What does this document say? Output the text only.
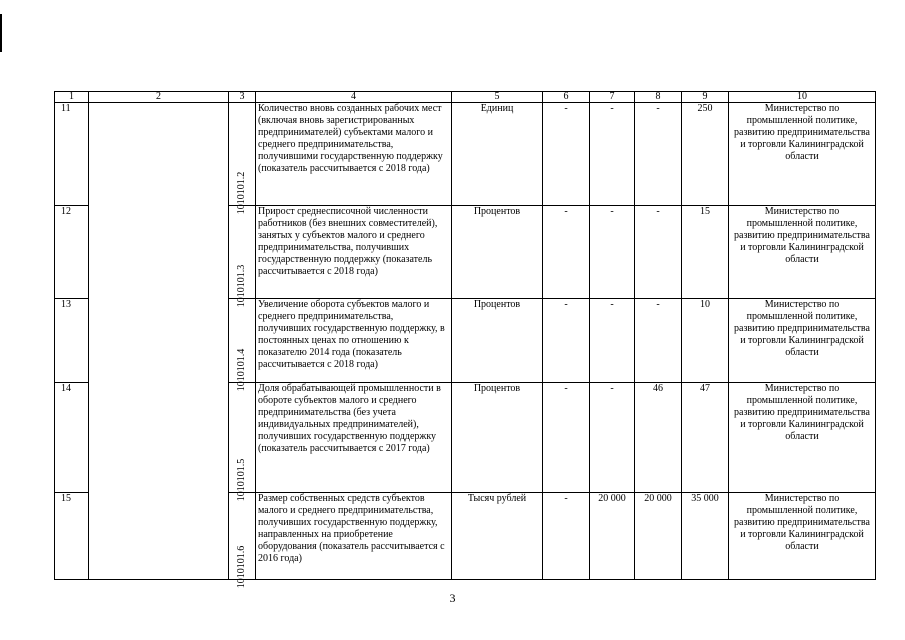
1	2	3	4	5	6	7	8	9	10
11		1010101.2	Количество вновь созданных рабочих мест (включая вновь зарегистрированных предпринимателей) субъектами малого и среднего предпринимательства, получившими государственную поддержку (показатель рассчитывается с 2018 года)	Единиц	-	-	-	250	Министерство по промышленной политике, развитию предпринимательства и торговли Калининградской области
12		1010101.3	Прирост среднесписочной численности работников (без внешних совместителей), занятых у субъектов малого и среднего предпринимательства, получивших государственную поддержку (показатель рассчитывается с 2018 года)	Процентов	-	-	-	15	Министерство по промышленной политике, развитию предпринимательства и торговли Калининградской области
13		1010101.4	Увеличение оборота субъектов малого и среднего предпринимательства, получивших государственную поддержку, в постоянных ценах по отношению к показателю 2014 года (показатель рассчитывается с 2018 года)	Процентов	-	-	-	10	Министерство по промышленной политике, развитию предпринимательства и торговли Калининградской области
14		1010101.5	Доля обрабатывающей промышленности в обороте субъектов малого и среднего предпринимательства (без учета индивидуальных предпринимателей), получивших государственную поддержку (показатель рассчитывается с 2017 года)	Процентов	-	-	46	47	Министерство по промышленной политике, развитию предпринимательства и торговли Калининградской области
15		1010101.6	Размер собственных средств субъектов малого и среднего предпринимательства, получивших государственную поддержку, направленных на приобретение оборудования (показатель рассчитывается с 2016 года)	Тысяч рублей	-	20 000	20 000	35 000	Министерство по промышленной политике, развитию предпринимательства и торговли Калининградской области
3
